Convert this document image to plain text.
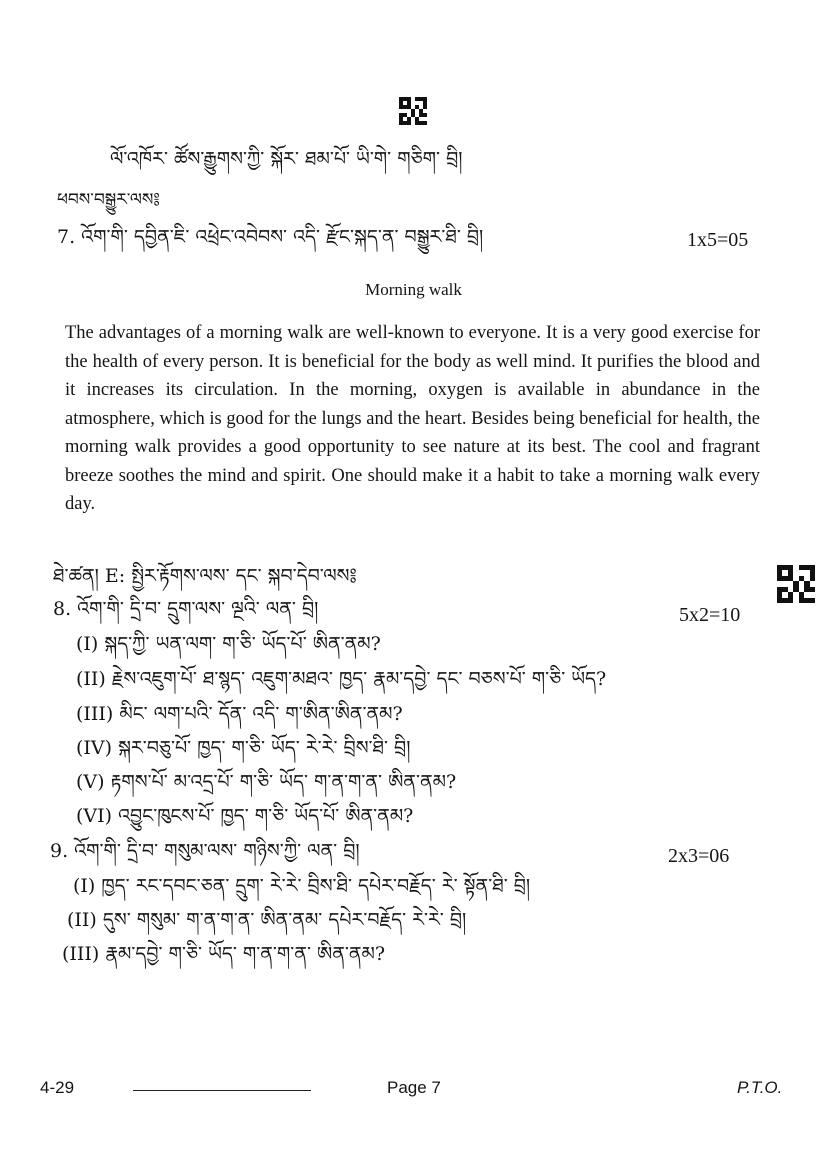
ལོ་འཁོར་ ཚོས་རྒྱུགས་ཀྱི་ སྐོར་ ཐམ་པོ་ ཡི་གེ་ གཅིག་ བྲི།
ཕབས་བསྒྱུར་ལས༔
7. འོག་གི་ དབྱིན་ཇི་ འཕྲེང་འབེབས་ འདི་ རྫོང་སྐད་ན་ བསྒྱུར་ཐི་ བྲི།	1x5=05
Morning walk

The advantages of a morning walk are well-known to everyone. It is a very good exercise for the health of every person. It is beneficial for the body as well mind. It purifies the blood and it increases its circulation. In the morning, oxygen is available in abundance in the atmosphere, which is good for the lungs and the heart. Besides being beneficial for health, the morning walk provides a good opportunity to see nature at its best. The cool and fragrant breeze soothes the mind and spirit. One should make it a habit to take a morning walk every day.

ཐེ་ཚན། E: སྤྱིར་རྟོགས་ལས་ དང་ སྐབ་དེབ་ལས༔
8. འོག་གི་ དྲི་བ་ དྲུག་ལས་ ལྔའི་ ལན་ བྲི།	5x2=10
(I) སྐད་ཀྱི་ ཡན་ལག་ ག་ཅི་ ཡོད་པོ་ ཨིན་ནམ?
(II) རྗེས་འཇུག་པོ་ ཐ་སྙད་ འཇུག་མཐའ་ ཁྱད་ རྣམ་དབྱེ་ དང་ བཅས་པོ་ ག་ཅི་ ཡོད?
(III) མིང་ ལག་པའི་ དོན་ འདི་ ག་ཨིན་ཨིན་ནམ?
(IV) སྐར་བཅུ་པོ་ ཁྱད་ ག་ཅི་ ཡོད་ རེ་རེ་ བྲིས་ཐི་ བྲི།
(V) རྟགས་པོ་ མ་འདྲ་པོ་ ག་ཅི་ ཡོད་ ག་ན་ག་ན་ ཨིན་ནམ?
(VI) འབྱུང་ཁུངས་པོ་ ཁྱད་ ག་ཅི་ ཡོད་པོ་ ཨིན་ནམ?
9. འོག་གི་ དྲི་བ་ གསུམ་ལས་ གཉིས་ཀྱི་ ལན་ བྲི།	2x3=06
(I) ཁྱད་ རང་དབང་ཅན་ དྲུག་ རེ་རེ་ བྲིས་ཐི་ དཔེར་བརྗོད་ རེ་ སྟོན་ཐི་ བྲི།
(II) དུས་ གསུམ་ ག་ན་ག་ན་ ཨིན་ནམ་ དཔེར་བརྗོད་ རེ་རེ་ བྲི།
(III) རྣམ་དབྱེ་ ག་ཅི་ ཡོད་ ག་ན་ག་ན་ ཨིན་ནམ?
4-29	Page 7	P.T.O.
